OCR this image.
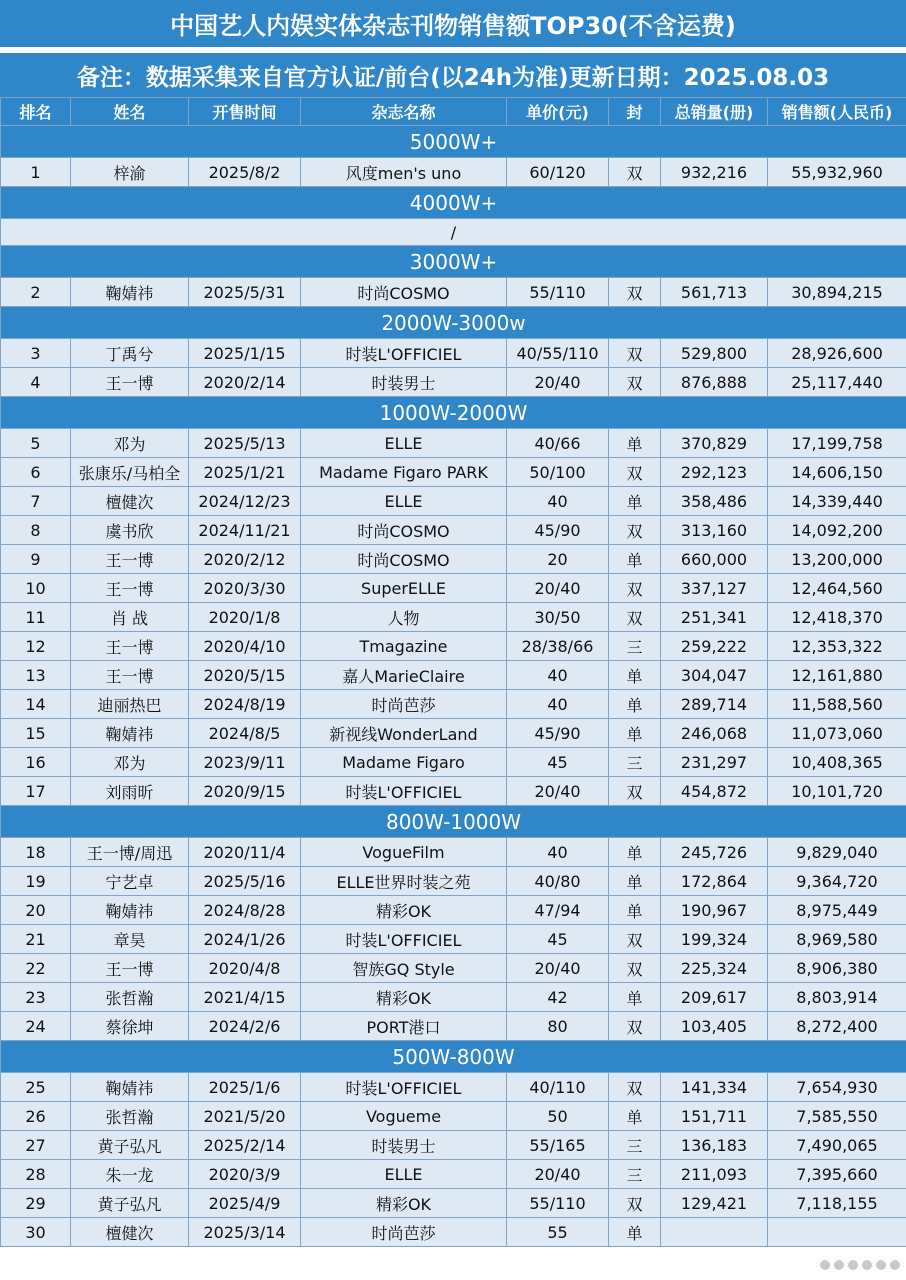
中国艺人内娱实体杂志刊物销售额TOP30(不含运费)
备注：数据采集来自官方认证/前台(以24h为准)更新日期：2025.08.03
排名	姓名	开售时间	杂志名称	单价(元)	封	总销量(册)	销售额(人民币)
5000W+							
1	梓渝	2025/8/2	风度men's uno	60/120	双	932,216	55,932,960
4000W+							
/							
3000W+							
2	鞠婧祎	2025/5/31	时尚COSMO	55/110	双	561,713	30,894,215
2000W-3000w							
3	丁禹兮	2025/1/15	时装L'OFFICIEL	40/55/110	双	529,800	28,926,600
4	王一博	2020/2/14	时装男士	20/40	双	876,888	25,117,440
1000W-2000W							
5	邓为	2025/5/13	ELLE	40/66	单	370,829	17,199,758
6	张康乐/马柏全	2025/1/21	Madame Figaro PARK	50/100	双	292,123	14,606,150
7	檀健次	2024/12/23	ELLE	40	单	358,486	14,339,440
8	虞书欣	2024/11/21	时尚COSMO	45/90	双	313,160	14,092,200
9	王一博	2020/2/12	时尚COSMO	20	单	660,000	13,200,000
10	王一博	2020/3/30	SuperELLE	20/40	双	337,127	12,464,560
11	肖 战	2020/1/8	人物	30/50	双	251,341	12,418,370
12	王一博	2020/4/10	Tmagazine	28/38/66	三	259,222	12,353,322
13	王一博	2020/5/15	嘉人MarieClaire	40	单	304,047	12,161,880
14	迪丽热巴	2024/8/19	时尚芭莎	40	单	289,714	11,588,560
15	鞠婧祎	2024/8/5	新视线WonderLand	45/90	单	246,068	11,073,060
16	邓为	2023/9/11	Madame Figaro	45	三	231,297	10,408,365
17	刘雨昕	2020/9/15	时装L'OFFICIEL	20/40	双	454,872	10,101,720
800W-1000W							
18	王一博/周迅	2020/11/4	VogueFilm	40	单	245,726	9,829,040
19	宁艺卓	2025/5/16	ELLE世界时装之苑	40/80	单	172,864	9,364,720
20	鞠婧祎	2024/8/28	精彩OK	47/94	单	190,967	8,975,449
21	章昊	2024/1/26	时装L'OFFICIEL	45	双	199,324	8,969,580
22	王一博	2020/4/8	智族GQ Style	20/40	双	225,324	8,906,380
23	张哲瀚	2021/4/15	精彩OK	42	单	209,617	8,803,914
24	蔡徐坤	2024/2/6	PORT港口	80	双	103,405	8,272,400
500W-800W							
25	鞠婧祎	2025/1/6	时装L'OFFICIEL	40/110	双	141,334	7,654,930
26	张哲瀚	2021/5/20	Vogueme	50	单	151,711	7,585,550
27	黄子弘凡	2025/2/14	时装男士	55/165	三	136,183	7,490,065
28	朱一龙	2020/3/9	ELLE	20/40	三	211,093	7,395,660
29	黄子弘凡	2025/4/9	精彩OK	55/110	双	129,421	7,118,155
30	檀健次	2025/3/14	时尚芭莎	55	单		
